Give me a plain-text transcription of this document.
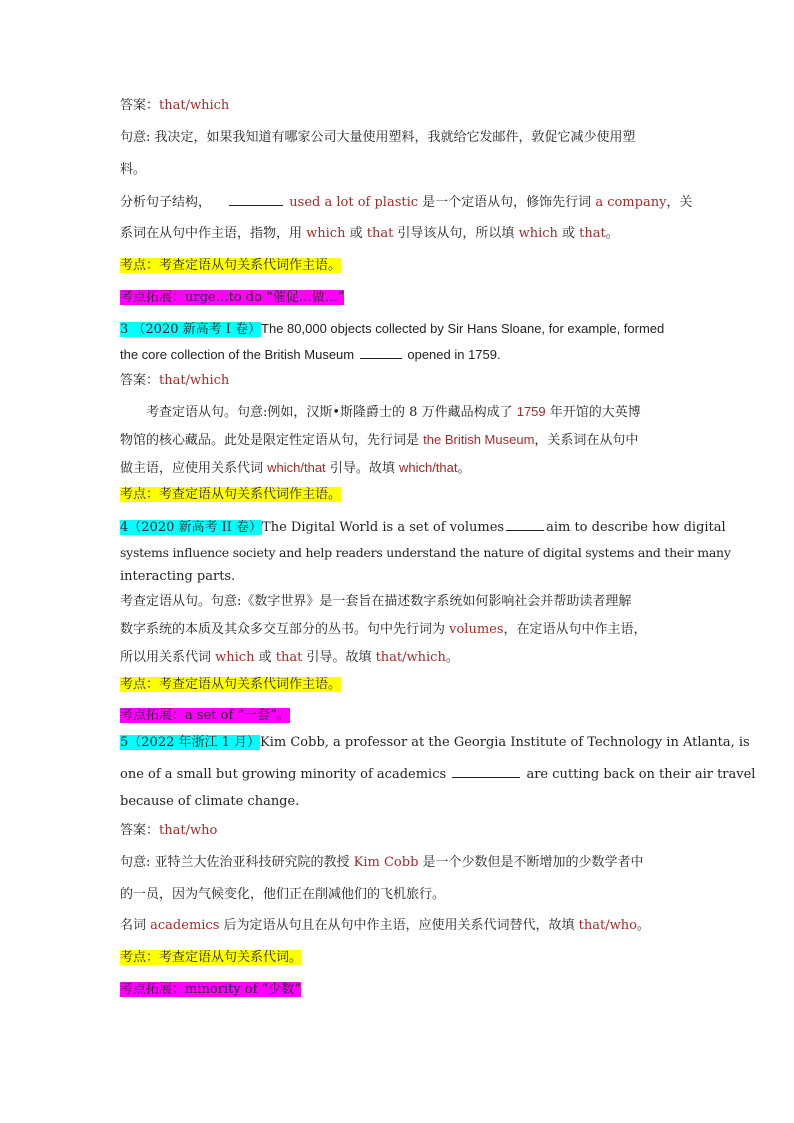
答案：that/which
句意: 我决定，如果我知道有哪家公司大量使用塑料，我就给它发邮件，敦促它减少使用塑
料。
分析句子结构，	used a lot of plastic 是一个定语从句，修饰先行词 a company，关
系词在从句中作主语，指物，用 which 或 that 引导该从句，所以填 which 或 that。
考点：考查定语从句关系代词作主语。
考点拓展：urge…to do “催促…做…”
3 （2020 新高考 I 卷）The 80,000 objects collected by Sir Hans Sloane, for example, formed
the core collection of the British Museum	opened in 1759.
答案：that/which
考查定语从句。句意:例如，汉斯•斯隆爵士的 8 万件藏品构成了 1759 年开馆的大英博
物馆的核心藏品。此处是限定性定语从句，先行词是 the British Museum，关系词在从句中
做主语，应使用关系代词 which/that 引导。故填 which/that。
考点：考查定语从句关系代词作主语。
4（2020 新高考 II 卷）The Digital World is a set of volumes	aim to describe how digital
systems influence society and help readers understand the nature of digital systems and their many
interacting parts.
考查定语从句。句意:《数字世界》是一套旨在描述数字系统如何影响社会并帮助读者理解
数字系统的本质及其众多交互部分的丛书。句中先行词为 volumes，在定语从句中作主语，
所以用关系代词 which 或 that 引导。故填 that/which。
考点：考查定语从句关系代词作主语。
考点拓展：a set of “一套”。
5（2022 年浙江 1 月）Kim Cobb, a professor at the Georgia Institute of Technology in Atlanta, is
one of a small but growing minority of academics	are cutting back on their air travel
because of climate change.
答案：that/who
句意: 亚特兰大佐治亚科技研究院的教授 Kim Cobb 是一个少数但是不断增加的少数学者中
的一员，因为气候变化，他们正在削减他们的飞机旅行。
名词 academics 后为定语从句且在从句中作主语，应使用关系代词替代，故填 that/who。
考点：考查定语从句关系代词。
考点拓展：minority of “少数”
